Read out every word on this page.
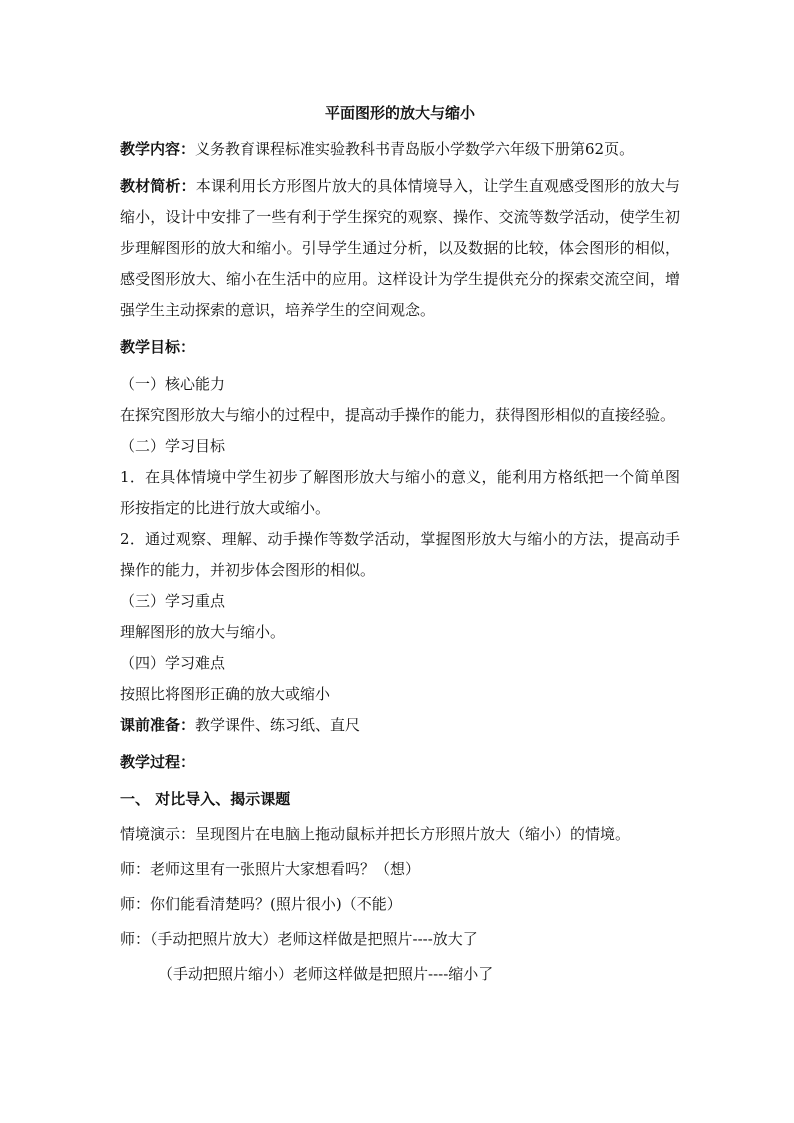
平面图形的放大与缩小

教学内容：义务教育课程标准实验教科书青岛版小学数学六年级下册第62页。

教材简析：本课利用长方形图片放大的具体情境导入，让学生直观感受图形的放大与缩小，设计中安排了一些有利于学生探究的观察、操作、交流等数学活动，使学生初步理解图形的放大和缩小。引导学生通过分析，以及数据的比较，体会图形的相似，感受图形放大、缩小在生活中的应用。这样设计为学生提供充分的探索交流空间，增强学生主动探索的意识，培养学生的空间观念。

教学目标：

（一）核心能力

在探究图形放大与缩小的过程中，提高动手操作的能力，获得图形相似的直接经验。

（二）学习目标

1．在具体情境中学生初步了解图形放大与缩小的意义，能利用方格纸把一个简单图形按指定的比进行放大或缩小。

2．通过观察、理解、动手操作等数学活动，掌握图形放大与缩小的方法，提高动手操作的能力，并初步体会图形的相似。

（三）学习重点

理解图形的放大与缩小。

（四）学习难点

按照比将图形正确的放大或缩小

课前准备：教学课件、练习纸、直尺

教学过程：

一、 对比导入、揭示课题

情境演示：呈现图片在电脑上拖动鼠标并把长方形照片放大（缩小）的情境。

师：老师这里有一张照片大家想看吗？（想）

师：你们能看清楚吗？(照片很小)（不能）

师：（手动把照片放大）老师这样做是把照片----放大了

（手动把照片缩小）老师这样做是把照片----缩小了
